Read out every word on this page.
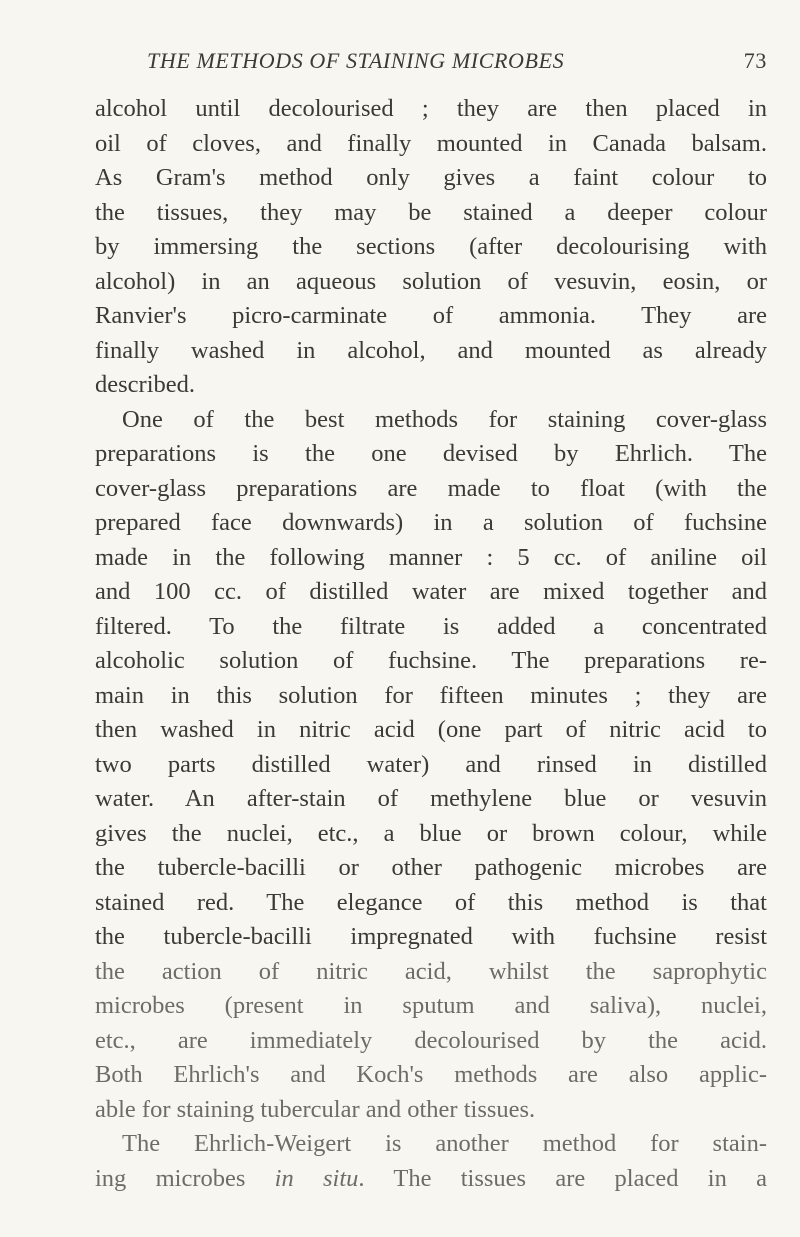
THE METHODS OF STAINING MICROBES	73
alcohol until decolourised ; they are then placed in
oil of cloves, and finally mounted in Canada balsam.
As Gram's method only gives a faint colour to
the tissues, they may be stained a deeper colour
by immersing the sections (after decolourising with
alcohol) in an aqueous solution of vesuvin, eosin, or
Ranvier's picro-carminate of ammonia. They are
finally washed in alcohol, and mounted as already
described.
One of the best methods for staining cover-glass
preparations is the one devised by Ehrlich. The
cover-glass preparations are made to float (with the
prepared face downwards) in a solution of fuchsine
made in the following manner : 5 cc. of aniline oil
and 100 cc. of distilled water are mixed together and
filtered. To the filtrate is added a concentrated
alcoholic solution of fuchsine. The preparations re-
main in this solution for fifteen minutes ; they are
then washed in nitric acid (one part of nitric acid to
two parts distilled water) and rinsed in distilled
water. An after-stain of methylene blue or vesuvin
gives the nuclei, etc., a blue or brown colour, while
the tubercle-bacilli or other pathogenic microbes are
stained red. The elegance of this method is that
the tubercle-bacilli impregnated with fuchsine resist
the action of nitric acid, whilst the saprophytic
microbes (present in sputum and saliva), nuclei,
etc., are immediately decolourised by the acid.
Both Ehrlich's and Koch's methods are also applic-
able for staining tubercular and other tissues.
The Ehrlich-Weigert is another method for stain-
ing microbes in situ. The tissues are placed in a
